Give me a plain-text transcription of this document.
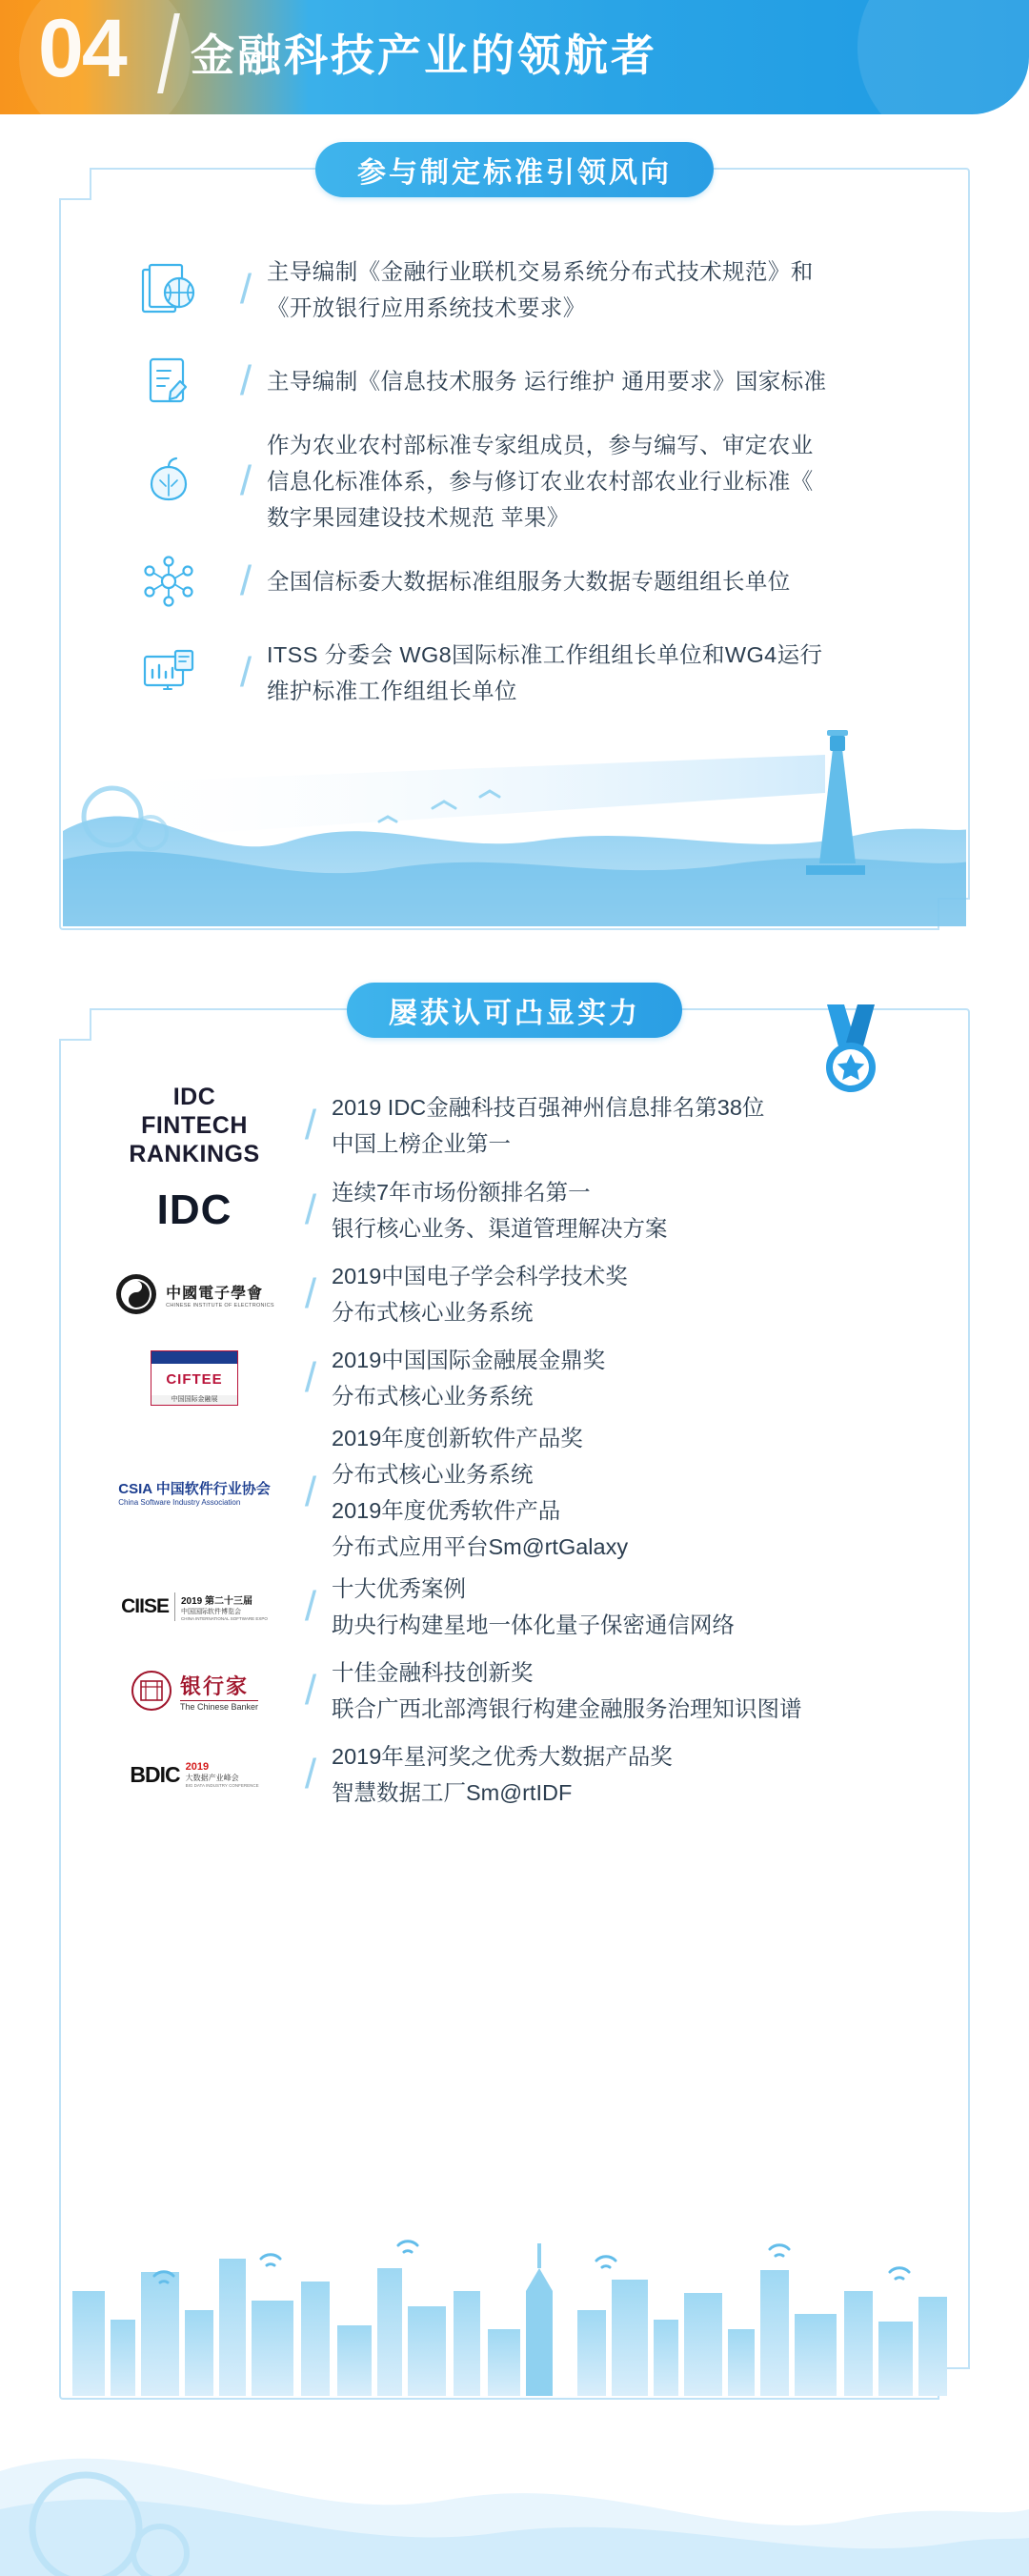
04 金融科技产业的领航者
参与制定标准引领风向
/ 主导编制《金融行业联机交易系统分布式技术规范》和
《开放银行应用系统技术要求》
/ 主导编制《信息技术服务 运行维护 通用要求》国家标准
/
作为农业农村部标准专家组成员，参与编写、审定农业
信息化标准体系，参与修订农业农村部农业行业标准《
数字果园建设技术规范 苹果》
/ 全国信标委大数据标准组服务大数据专题组组长单位
/ ITSS 分委会 WG8国际标准工作组组长单位和WG4运行
维护标准工作组组长单位
屡获认可凸显实力
IDC
FINTECH
RANKINGS
/ 2019 IDC金融科技百强神州信息排名第38位
中国上榜企业第一
IDC	/ 连续7年市场份额排名第一
银行核心业务、渠道管理解决方案
中國電子學會
CHINESE INSTITUTE OF ELECTRONICS / 2019中国电子学会科学技术奖
分布式核心业务系统
CIFTEE
中国国际金融展	/ 2019中国国际金融展金鼎奖
分布式核心业务系统
CSIA 中国软件行业协会
China Software Industry Association	/
2019年度创新软件产品奖
分布式核心业务系统
2019年度优秀软件产品
分布式应用平台Sm@rtGalaxy
CIISE 2019 第二十三届
中国国际软件博览会
CHINA INTERNATIONAL SOFTWARE EXPO / 十大优秀案例
助央行构建星地一体化量子保密通信网络
银行家
The Chinese Banker	/ 十佳金融科技创新奖
联合广西北部湾银行构建金融服务治理知识图谱
BDIC 2019
大数据产业峰会
BIG DATA INDUSTRY CONFERENCE	/ 2019年星河奖之优秀大数据产品奖
智慧数据工厂Sm@rtIDF
